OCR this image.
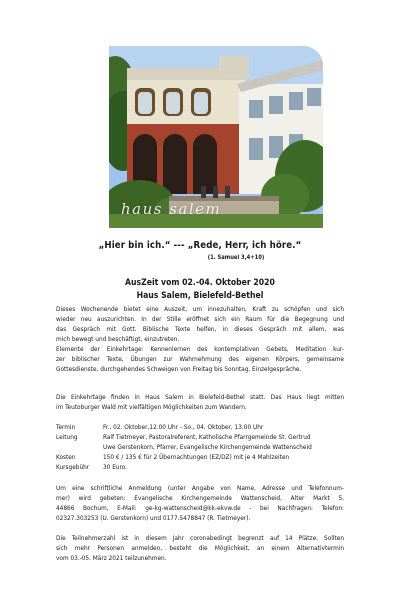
haus salem
„Hier bin ich.“ --- „Rede, Herr, ich höre.“
(1. Samuel 3,4+10)
AusZeit vom 02.-04. Oktober 2020
Haus Salem, Bielefeld-Bethel

Dieses Wochenende bietet eine Auszeit, um innezuhalten, Kraft zu schöpfen und sich
wieder neu auszurichten. In der Stille eröffnet sich ein Raum für die Begegnung und
das Gespräch mit Gott. Biblische Texte helfen, in dieses Gespräch mit allem, was
mich bewegt und beschäftigt, einzutreten.

Elemente der Einkehrtage: Kennenlernen des kontemplativen Gebets, Meditation kur-
zer biblischer Texte, Übungen zur Wahrnehmung des eigenen Körpers, gemeinsame
Gottesdienste, durchgehendes Schweigen von Freitag bis Sonntag, Einzelgespräche.

Die Einkehrtage finden in Haus Salem in Bielefeld-Bethel statt. Das Haus liegt mitten
im Teutoburger Wald mit vielfältigen Möglichkeiten zum Wandern.

Termin	Fr., 02. Oktober,12.00 Uhr - So., 04. Oktober, 13.00 Uhr
Leitung	Ralf Tietmeyer, Pastoralreferent, Katholische Pfarrgemeinde St. Gertrud
Uwe Gerstenkorn, Pfarrer, Evangelische Kirchengemeinde Wattenscheid
Kosten	150 € / 135 € für 2 Übernachtungen (EZ/DZ) mit je 4 Mahlzeiten
Kursgebühr	30 Euro.

Um eine schriftliche Anmeldung (unter Angabe von Name, Adresse und Telefonnum-
mer) wird gebeten: Evangelische Kirchengemeinde Wattenscheid, Alter Markt 5,
44866 Bochum, E-Mail: ge-kg-wattenscheid@kk-ekvw.de - bei Nachfragen: Telefon:
02327.303253 (U. Gerstenkorn) und 0177.5478847 (R. Tietmeyer).

Die Teilnehmerzahl ist in diesem Jahr coronabedingt begrenzt auf 14 Plätze. Sollten
sich mehr Personen anmelden, besteht die Möglichkeit, an einem Alternativtermin
vom 03.-05. März 2021 teilzunehmen.
